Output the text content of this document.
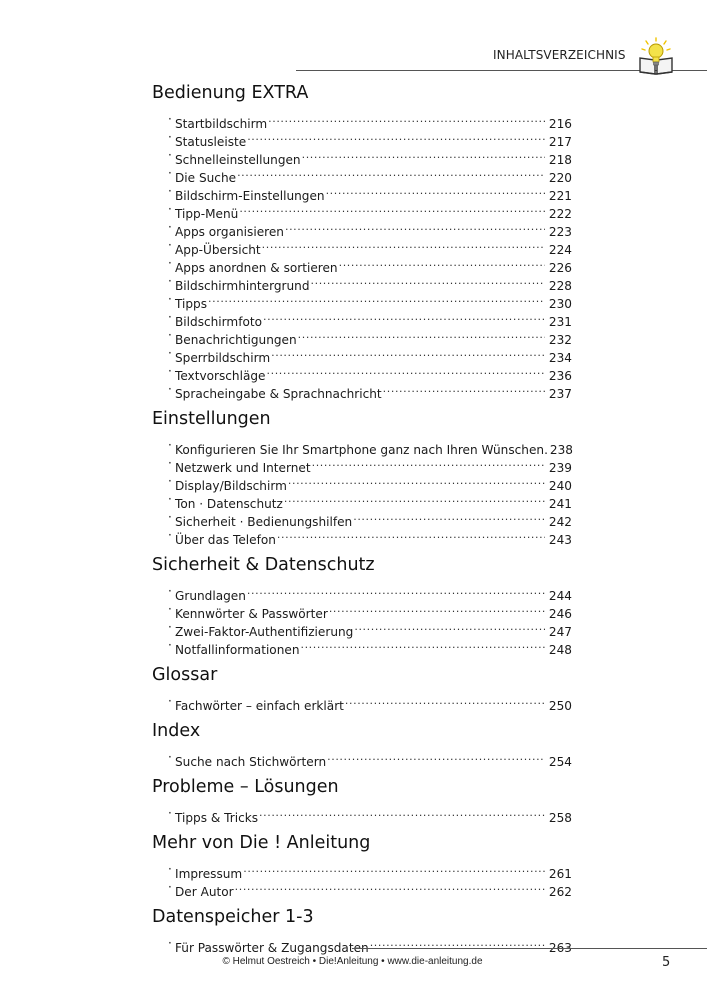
INHALTSVERZEICHNIS
Bedienung EXTRA
· Startbildschirm .....	216
· Statusleiste .....	217
· Schnelleinstellungen .....	218
· Die Suche .....	220
· Bildschirm-Einstellungen .....	221
· Tipp-Menü .....	222
· Apps organisieren .....	223
· App-Übersicht .....	224
· Apps anordnen & sortieren .....	226
· Bildschirmhintergrund .....	228
· Tipps .....	230
· Bildschirmfoto .....	231
· Benachrichtigungen .....	232
· Sperrbildschirm .....	234
· Textvorschläge .....	236
· Spracheingabe & Sprachnachricht .....	237
Einstellungen
· Konfigurieren Sie Ihr Smartphone ganz nach Ihren Wünschen. 238
· Netzwerk und Internet .....	239
· Display/Bildschirm .....	240
· Ton · Datenschutz .....	241
· Sicherheit · Bedienungshilfen .....	242
· Über das Telefon .....	243
Sicherheit & Datenschutz
· Grundlagen .....	244
· Kennwörter & Passwörter .....	246
· Zwei-Faktor-Authentifizierung .....	247
· Notfallinformationen .....	248
Glossar
· Fachwörter – einfach erklärt .....	250
Index
· Suche nach Stichwörtern .....	254
Probleme – Lösungen
· Tipps & Tricks .....	258
Mehr von Die ! Anleitung
· Impressum .....	261
· Der Autor .....	262
Datenspeicher 1-3
· Für Passwörter & Zugangsdaten .....	263
© Helmut Oestreich • Die!Anleitung • www.die-anleitung.de	5
